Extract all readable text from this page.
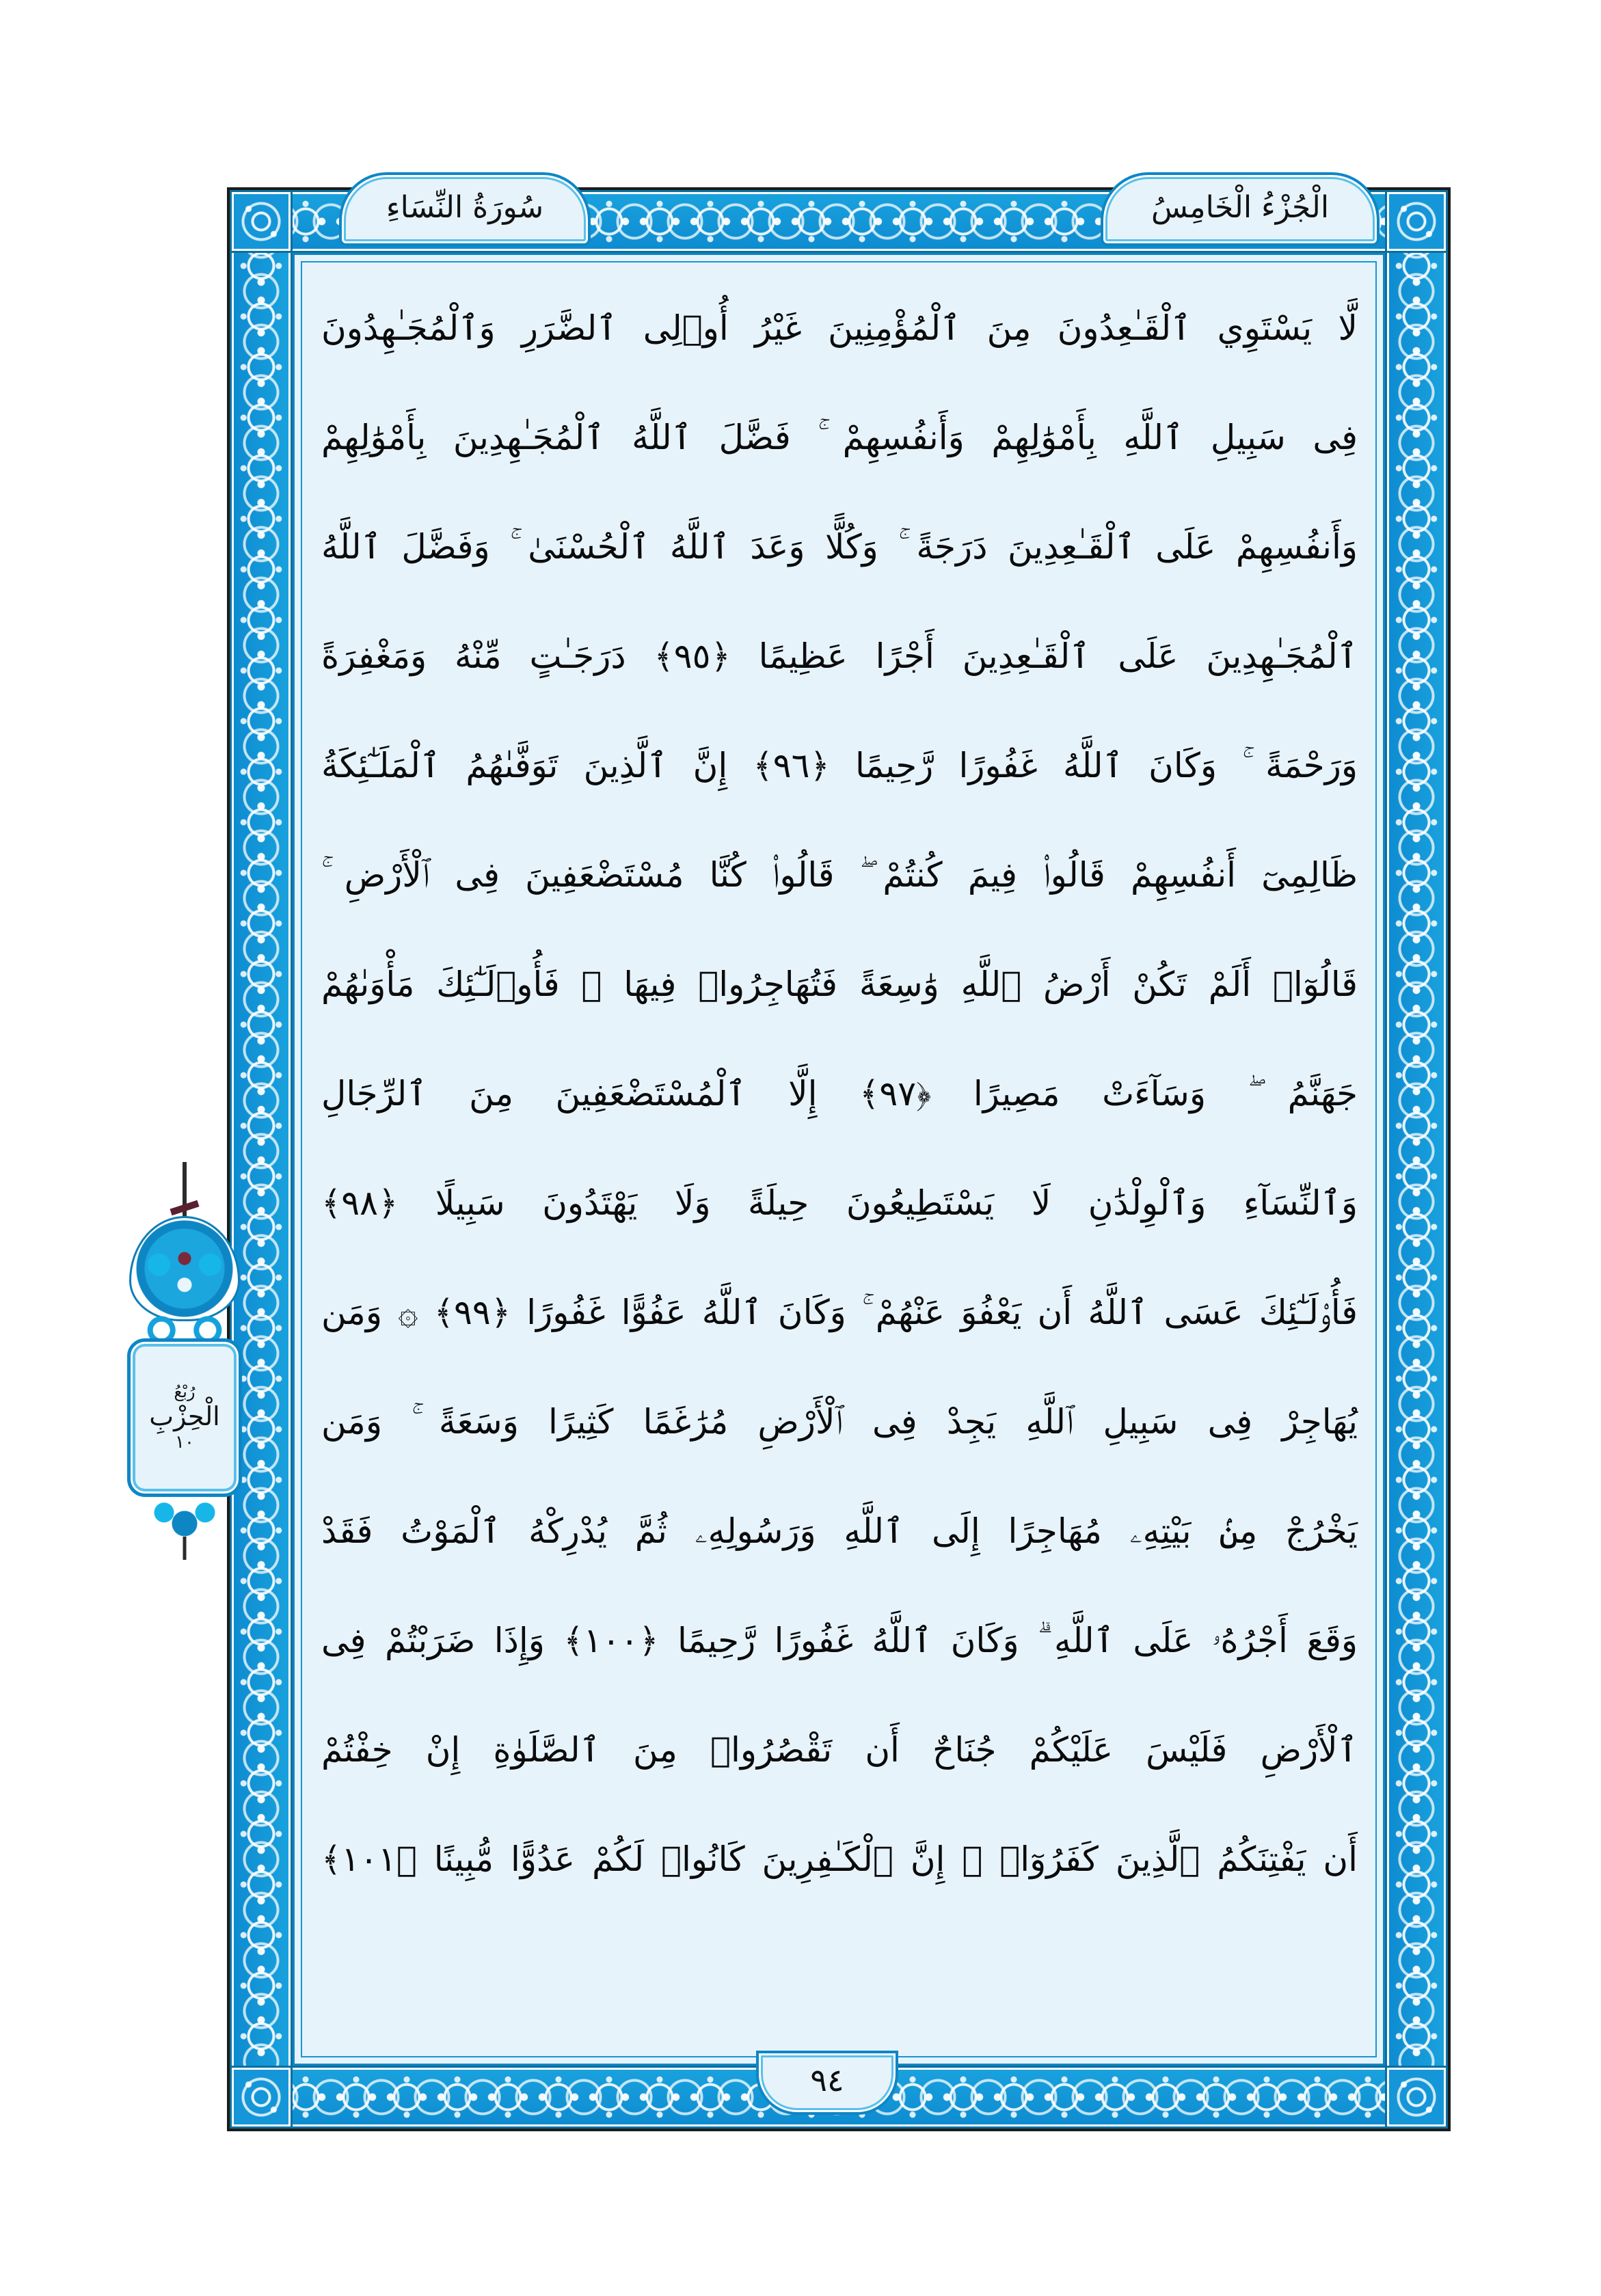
سُورَةُ النِّسَاءِ	الْجُزْءُ الْخَامِسُ
رُبْعُ
الْحِزْبِ
١٠
لَّا يَسْتَوِي ٱلْقَـٰعِدُونَ مِنَ ٱلْمُؤْمِنِينَ غَيْرُ أُو۟لِى ٱلضَّرَرِ وَٱلْمُجَـٰهِدُونَ
فِى سَبِيلِ ٱللَّهِ بِأَمْوَٰلِهِمْ وَأَنفُسِهِمْ ۚ فَضَّلَ ٱللَّهُ ٱلْمُجَـٰهِدِينَ بِأَمْوَٰلِهِمْ
وَأَنفُسِهِمْ عَلَى ٱلْقَـٰعِدِينَ دَرَجَةً ۚ وَكُلًّا وَعَدَ ٱللَّهُ ٱلْحُسْنَىٰ ۚ وَفَضَّلَ ٱللَّهُ
ٱلْمُجَـٰهِدِينَ عَلَى ٱلْقَـٰعِدِينَ أَجْرًا عَظِيمًا ﴿٩٥﴾ دَرَجَـٰتٍ مِّنْهُ وَمَغْفِرَةً
وَرَحْمَةً ۚ وَكَانَ ٱللَّهُ غَفُورًا رَّحِيمًا ﴿٩٦﴾ إِنَّ ٱلَّذِينَ تَوَفَّىٰهُمُ ٱلْمَلَـٰٓئِكَةُ
ظَالِمِىٓ أَنفُسِهِمْ قَالُوا۟ فِيمَ كُنتُمْ ۖ قَالُوا۟ كُنَّا مُسْتَضْعَفِينَ فِى ٱلْأَرْضِ ۚ
قَالُوٓا۟ أَلَمْ تَكُنْ أَرْضُ ٱللَّهِ وَٰسِعَةً فَتُهَاجِرُوا۟ فِيهَا ۚ فَأُو۟لَـٰٓئِكَ مَأْوَىٰهُمْ
جَهَنَّمُ ۖ وَسَآءَتْ مَصِيرًا ﴿٩٧﴾ إِلَّا ٱلْمُسْتَضْعَفِينَ مِنَ ٱلرِّجَالِ
وَٱلنِّسَآءِ وَٱلْوِلْدَٰنِ لَا يَسْتَطِيعُونَ حِيلَةً وَلَا يَهْتَدُونَ سَبِيلًا ﴿٩٨﴾
فَأُو۟لَـٰٓئِكَ عَسَى ٱللَّهُ أَن يَعْفُوَ عَنْهُمْ ۚ وَكَانَ ٱللَّهُ عَفُوًّا غَفُورًا ﴿٩٩﴾ ۞ وَمَن
يُهَاجِرْ فِى سَبِيلِ ٱللَّهِ يَجِدْ فِى ٱلْأَرْضِ مُرَٰغَمًا كَثِيرًا وَسَعَةً ۚ وَمَن
يَخْرُجْ مِنۢ بَيْتِهِۦ مُهَاجِرًا إِلَى ٱللَّهِ وَرَسُولِهِۦ ثُمَّ يُدْرِكْهُ ٱلْمَوْتُ فَقَدْ
وَقَعَ أَجْرُهُۥ عَلَى ٱللَّهِ ۗ وَكَانَ ٱللَّهُ غَفُورًا رَّحِيمًا ﴿١٠٠﴾ وَإِذَا ضَرَبْتُمْ فِى
ٱلْأَرْضِ فَلَيْسَ عَلَيْكُمْ جُنَاحٌ أَن تَقْصُرُوا۟ مِنَ ٱلصَّلَوٰةِ إِنْ خِفْتُمْ
أَن يَفْتِنَكُمُ ٱلَّذِينَ كَفَرُوٓا۟ ۚ إِنَّ ٱلْكَـٰفِرِينَ كَانُوا۟ لَكُمْ عَدُوًّا مُّبِينًا ﴿١٠١﴾
٩٤
